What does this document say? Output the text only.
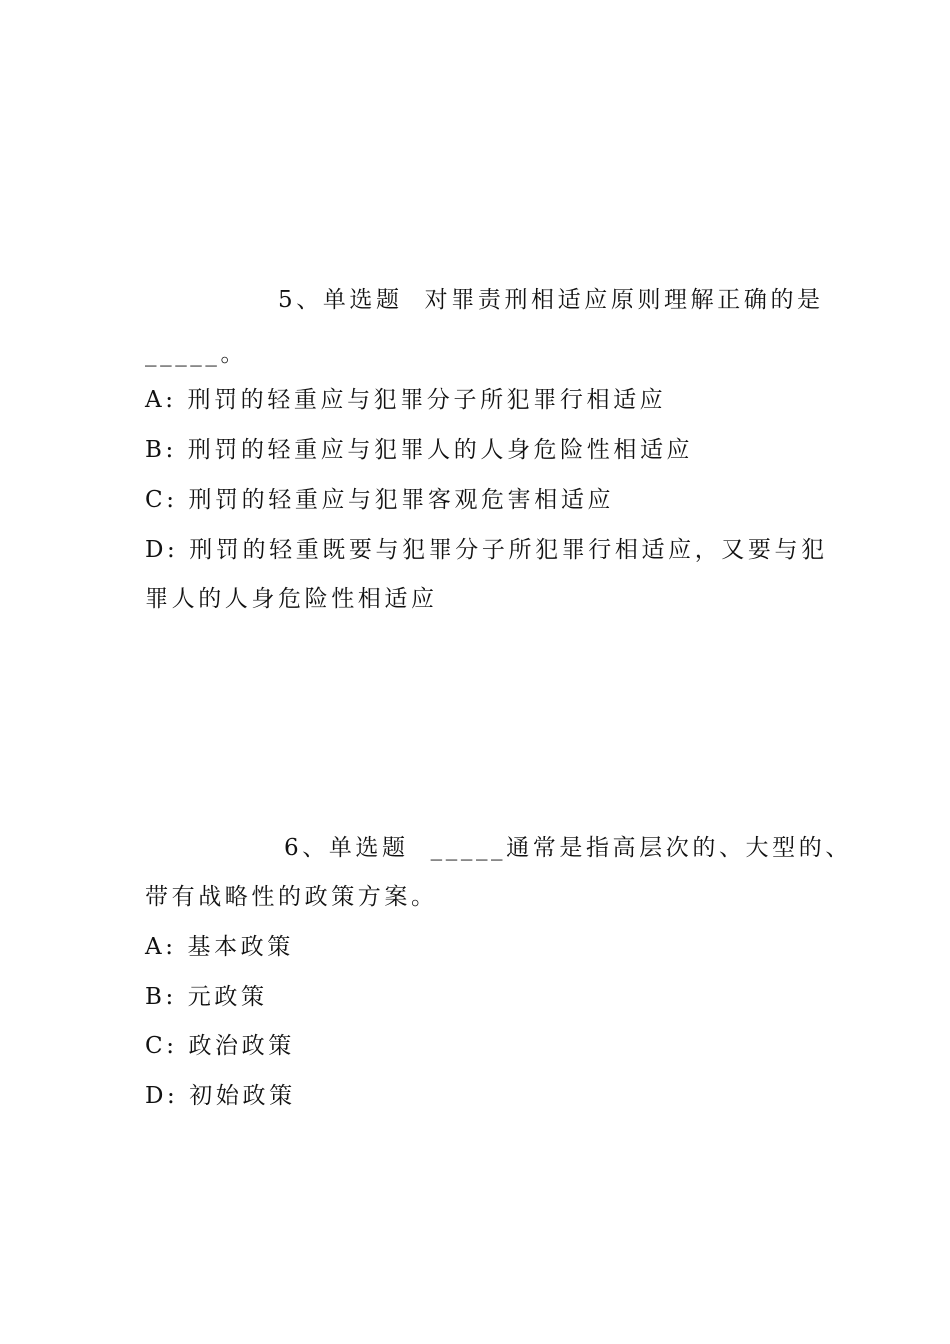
5、单选题 对罪责刑相适应原则理解正确的是
_____。
A: 刑罚的轻重应与犯罪分子所犯罪行相适应
B: 刑罚的轻重应与犯罪人的人身危险性相适应
C: 刑罚的轻重应与犯罪客观危害相适应
D: 刑罚的轻重既要与犯罪分子所犯罪行相适应，又要与犯
罪人的人身危险性相适应
6、单选题 _____通常是指高层次的、大型的、
带有战略性的政策方案。
A: 基本政策
B: 元政策
C: 政治政策
D: 初始政策
